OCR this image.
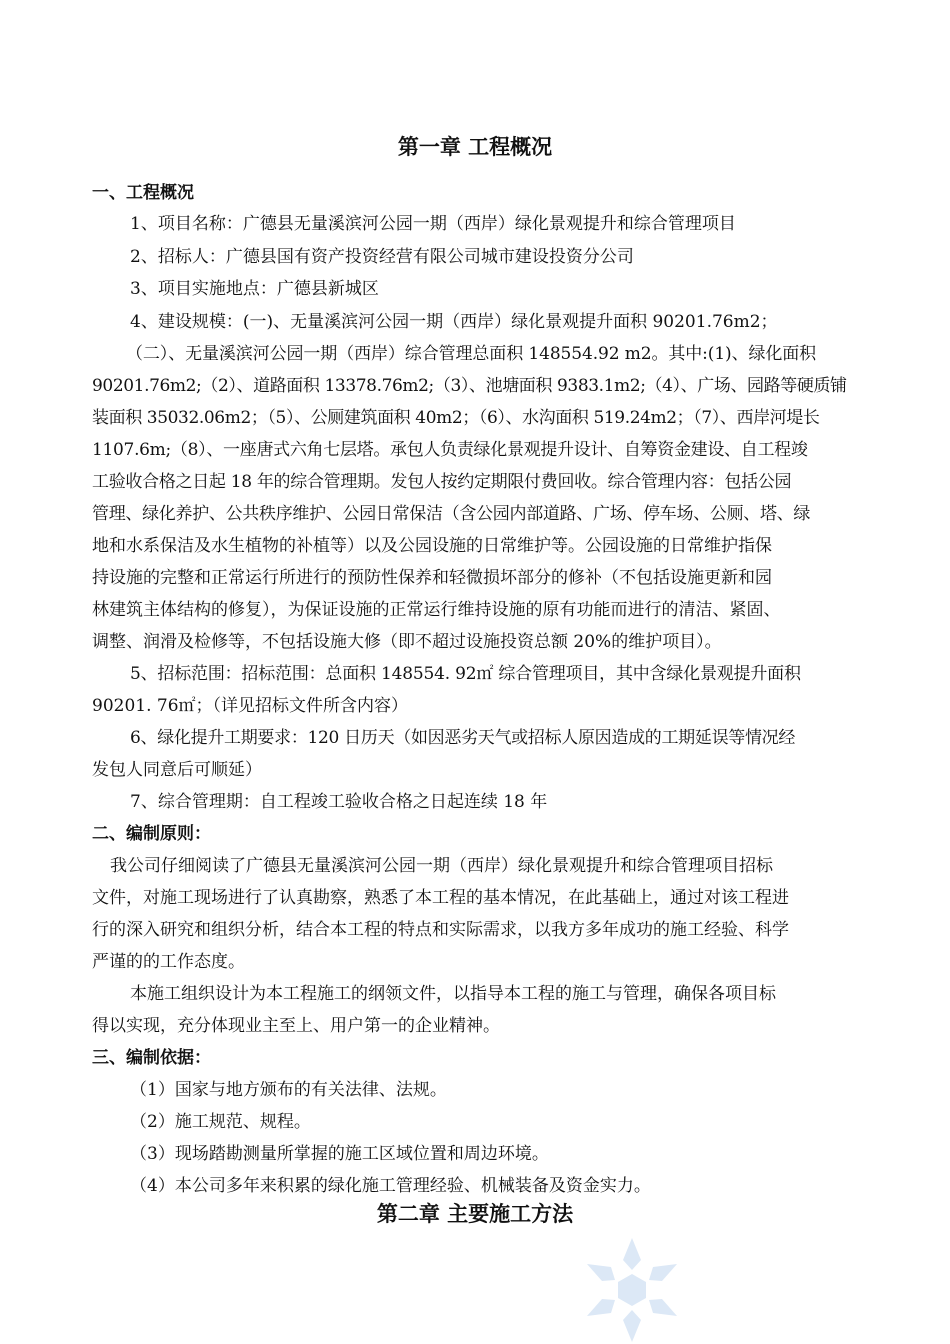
第一章 工程概况
一、工程概况

1、项目名称：广德县无量溪滨河公园一期（西岸）绿化景观提升和综合管理项目

2、招标人：广德县国有资产投资经营有限公司城市建设投资分公司

3、项目实施地点：广德县新城区

4、建设规模：(一)、无量溪滨河公园一期（西岸）绿化景观提升面积 90201.76m2；

（二）、无量溪滨河公园一期（西岸）综合管理总面积 148554.92 m2。其中:(1)、绿化面积

90201.76m2;（2）、道路面积 13378.76m2;（3）、池塘面积 9383.1m2;（4）、广场、园路等硬质铺

装面积 35032.06m2；（5）、公厕建筑面积 40m2；（6）、水沟面积 519.24m2；（7）、西岸河堤长

1107.6m;（8）、一座唐式六角七层塔。承包人负责绿化景观提升设计、自筹资金建设、自工程竣

工验收合格之日起 18 年的综合管理期。发包人按约定期限付费回收。综合管理内容：包括公园

管理、绿化养护、公共秩序维护、公园日常保洁（含公园内部道路、广场、停车场、公厕、塔、绿

地和水系保洁及水生植物的补植等）以及公园设施的日常维护等。公园设施的日常维护指保

持设施的完整和正常运行所进行的预防性保养和轻微损坏部分的修补（不包括设施更新和园

林建筑主体结构的修复），为保证设施的正常运行维持设施的原有功能而进行的清洁、紧固、

调整、润滑及检修等，不包括设施大修（即不超过设施投资总额 20%的维护项目）。

5、招标范围：招标范围：总面积 148554. 92㎡ 综合管理项目，其中含绿化景观提升面积

90201. 76㎡；（详见招标文件所含内容）

6、绿化提升工期要求：120 日历天（如因恶劣天气或招标人原因造成的工期延误等情况经

发包人同意后可顺延）

7、综合管理期：自工程竣工验收合格之日起连续 18 年

二、编制原则：

我公司仔细阅读了广德县无量溪滨河公园一期（西岸）绿化景观提升和综合管理项目招标

文件，对施工现场进行了认真勘察，熟悉了本工程的基本情况，在此基础上，通过对该工程进

行的深入研究和组织分析，结合本工程的特点和实际需求，以我方多年成功的施工经验、科学

严谨的的工作态度。

本施工组织设计为本工程施工的纲领文件，以指导本工程的施工与管理，确保各项目标

得以实现，充分体现业主至上、用户第一的企业精神。

三、编制依据：

（1）国家与地方颁布的有关法律、法规。

（2）施工规范、规程。

（3）现场踏勘测量所掌握的施工区域位置和周边环境。

（4）本公司多年来积累的绿化施工管理经验、机械装备及资金实力。

第二章 主要施工方法
